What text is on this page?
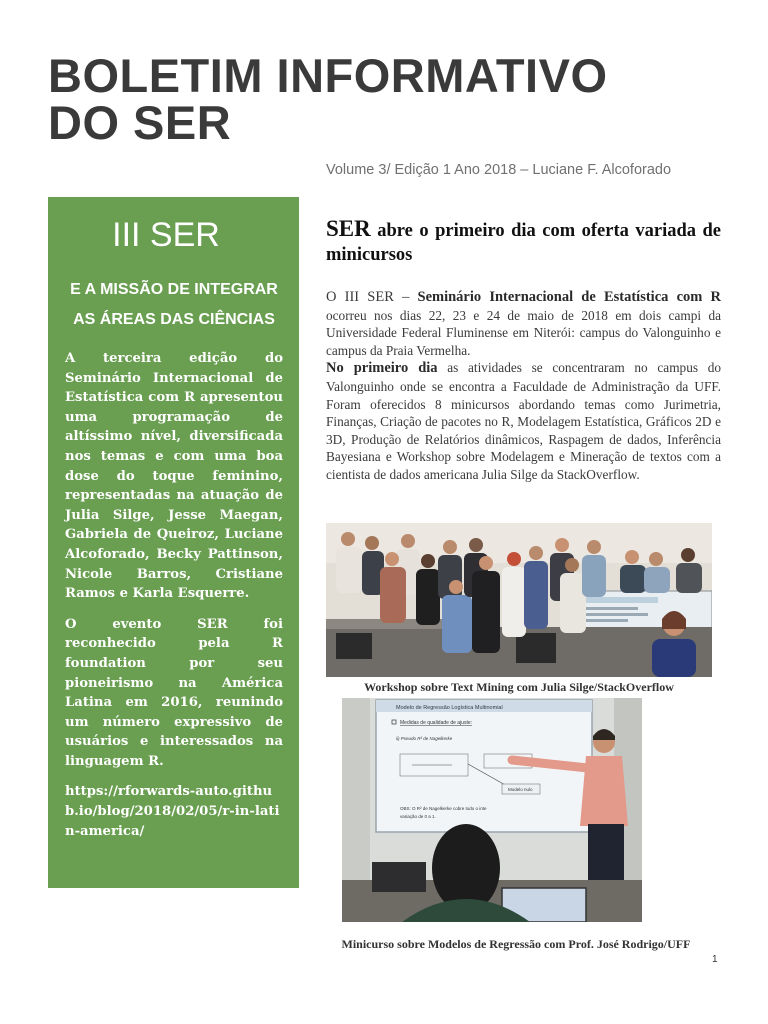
BOLETIM INFORMATIVO
DO SER
Volume 3/ Edição 1 Ano 2018 – Luciane F. Alcoforado
III SER
E A MISSÃO DE INTEGRAR AS ÁREAS DAS CIÊNCIAS

A terceira edição do Seminário Internacional de Estatística com R apresentou uma programação de altíssimo nível, diversificada nos temas e com uma boa dose do toque feminino, representadas na atuação de Julia Silge, Jesse Maegan, Gabriela de Queiroz, Luciane Alcoforado, Becky Pattinson, Nicole Barros, Cristiane Ramos e Karla Esquerre.

O evento SER foi reconhecido pela R foundation por seu pioneirismo na América Latina em 2016, reunindo um número expressivo de usuários e interessados na linguagem R.

https://rforwards-auto.github.io/blog/2018/02/05/r-in-latin-america/

SER abre o primeiro dia com oferta variada de minicursos

O III SER – Seminário Internacional de Estatística com R ocorreu nos dias 22, 23 e 24 de maio de 2018 em dois campi da Universidade Federal Fluminense em Niterói: campus do Valonguinho e campus da Praia Vermelha.

No primeiro dia as atividades se concentraram no campus do Valonguinho onde se encontra a Faculdade de Administração da UFF. Foram oferecidos 8 minicursos abordando temas como Jurimetria, Finanças, Criação de pacotes no R, Modelagem Estatística, Gráficos 2D e 3D, Produção de Relatórios dinâmicos, Raspagem de dados, Inferência Bayesiana e Workshop sobre Modelagem e Mineração de textos com a cientista de dados americana Julia Silge da StackOverflow.

Workshop sobre Text Mining com Julia Silge/StackOverflow
Modelo de Regressão Logística Multinomial
Medidas de qualidade de ajuste:
ii) Pseudo R² de Nagelkerke
Modelo nulo
OBS: O R² de Nagelkerke cobre todo o inte
variação de 0 a 1.
Minicurso sobre Modelos de Regressão com Prof. José Rodrigo/UFF
1
